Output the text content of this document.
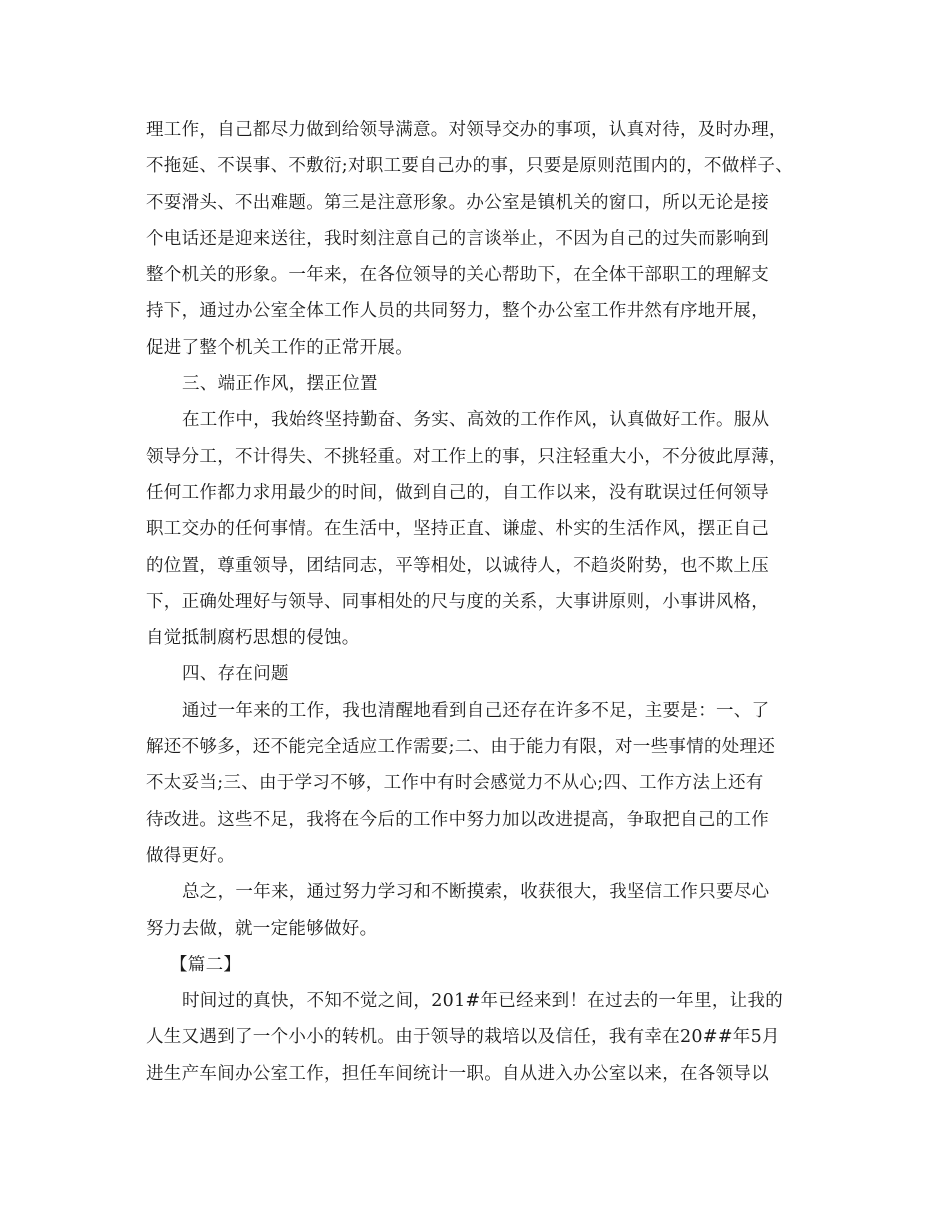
理工作，自己都尽力做到给领导满意。对领导交办的事项，认真对待，及时办理，
不拖延、不误事、不敷衍;对职工要自己办的事，只要是原则范围内的，不做样子、
不耍滑头、不出难题。第三是注意形象。办公室是镇机关的窗口，所以无论是接
个电话还是迎来送往，我时刻注意自己的言谈举止，不因为自己的过失而影响到
整个机关的形象。一年来，在各位领导的关心帮助下，在全体干部职工的理解支
持下，通过办公室全体工作人员的共同努力，整个办公室工作井然有序地开展，
促进了整个机关工作的正常开展。
三、端正作风，摆正位置
在工作中，我始终坚持勤奋、务实、高效的工作作风，认真做好工作。服从
领导分工，不计得失、不挑轻重。对工作上的事，只注轻重大小，不分彼此厚薄，
任何工作都力求用最少的时间，做到自己的，自工作以来，没有耽误过任何领导
职工交办的任何事情。在生活中，坚持正直、谦虚、朴实的生活作风，摆正自己
的位置，尊重领导，团结同志，平等相处，以诚待人，不趋炎附势，也不欺上压
下，正确处理好与领导、同事相处的尺与度的关系，大事讲原则，小事讲风格，
自觉抵制腐朽思想的侵蚀。
四、存在问题
通过一年来的工作，我也清醒地看到自己还存在许多不足，主要是：一、了
解还不够多，还不能完全适应工作需要;二、由于能力有限，对一些事情的处理还
不太妥当;三、由于学习不够，工作中有时会感觉力不从心;四、工作方法上还有
待改进。这些不足，我将在今后的工作中努力加以改进提高，争取把自己的工作
做得更好。
总之，一年来，通过努力学习和不断摸索，收获很大，我坚信工作只要尽心
努力去做，就一定能够做好。
【篇二】
时间过的真快，不知不觉之间，201#年已经来到！在过去的一年里，让我的
人生又遇到了一个小小的转机。由于领导的栽培以及信任，我有幸在20##年5月
进生产车间办公室工作，担任车间统计一职。自从进入办公室以来，在各领导以
